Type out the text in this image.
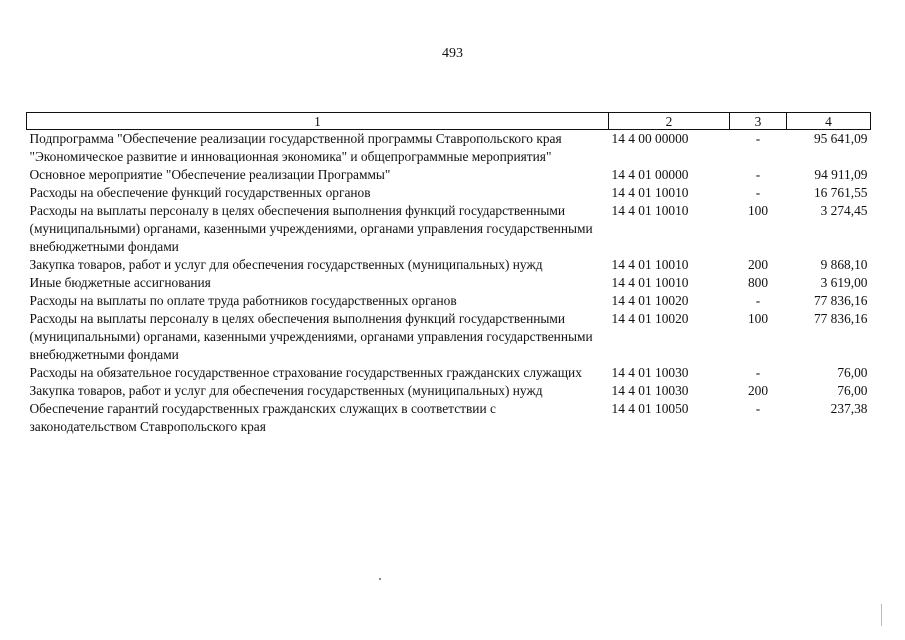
493
1	2	3	4
Подпрограмма "Обеспечение реализации государственной программы Ставропольского края "Экономическое развитие и инновационная экономика" и общепрограммные мероприятия"	14 4 00 00000	-	95 641,09
Основное мероприятие "Обеспечение реализации Программы"	14 4 01 00000	-	94 911,09
Расходы на обеспечение функций государственных органов	14 4 01 10010	-	16 761,55
Расходы на выплаты персоналу в целях обеспечения выполнения функций государственными (муниципальными) органами, казенными учреждениями, органами управления государственными внебюджетными фондами	14 4 01 10010	100	3 274,45
Закупка товаров, работ и услуг для обеспечения государственных (муниципальных) нужд	14 4 01 10010	200	9 868,10
Иные бюджетные ассигнования	14 4 01 10010	800	3 619,00
Расходы на выплаты по оплате труда работников государственных органов	14 4 01 10020	-	77 836,16
Расходы на выплаты персоналу в целях обеспечения выполнения функций государственными (муниципальными) органами, казенными учреждениями, органами управления государственными внебюджетными фондами	14 4 01 10020	100	77 836,16
Расходы на обязательное государственное страхование государственных гражданских служащих	14 4 01 10030	-	76,00
Закупка товаров, работ и услуг для обеспечения государственных (муниципальных) нужд	14 4 01 10030	200	76,00
Обеспечение гарантий государственных гражданских служащих в соответствии с законодательством Ставропольского края	14 4 01 10050	-	237,38
